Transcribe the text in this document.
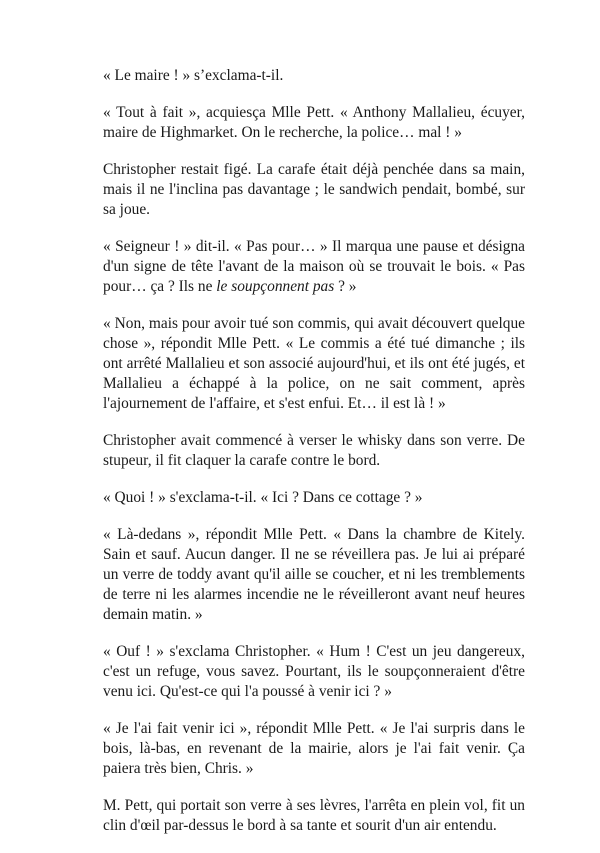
« Le maire ! » s’exclama-t-il.

« Tout à fait », acquiesça Mlle Pett. « Anthony Mallalieu, écuyer, maire de Highmarket. On le recherche, la police… mal ! »

Christopher restait figé. La carafe était déjà penchée dans sa main, mais il ne l'inclina pas davantage ; le sandwich pendait, bombé, sur sa joue.

« Seigneur ! » dit-il. « Pas pour… » Il marqua une pause et désigna d'un signe de tête l'avant de la maison où se trouvait le bois. « Pas pour… ça ? Ils ne le soupçonnent pas ? »

« Non, mais pour avoir tué son commis, qui avait découvert quelque chose », répondit Mlle Pett. « Le commis a été tué dimanche ; ils ont arrêté Mallalieu et son associé aujourd'hui, et ils ont été jugés, et Mallalieu a échappé à la police, on ne sait comment, après l'ajournement de l'affaire, et s'est enfui. Et… il est là ! »

Christopher avait commencé à verser le whisky dans son verre. De stupeur, il fit claquer la carafe contre le bord.

« Quoi ! » s'exclama-t-il. « Ici ? Dans ce cottage ? »

« Là-dedans », répondit Mlle Pett. « Dans la chambre de Kitely. Sain et sauf. Aucun danger. Il ne se réveillera pas. Je lui ai préparé un verre de toddy avant qu'il aille se coucher, et ni les tremblements de terre ni les alarmes incendie ne le réveilleront avant neuf heures demain matin. »

« Ouf ! » s'exclama Christopher. « Hum ! C'est un jeu dangereux, c'est un refuge, vous savez. Pourtant, ils le soupçonneraient d'être venu ici. Qu'est-ce qui l'a poussé à venir ici ? »

« Je l'ai fait venir ici », répondit Mlle Pett. « Je l'ai surpris dans le bois, là-bas, en revenant de la mairie, alors je l'ai fait venir. Ça paiera très bien, Chris. »

M. Pett, qui portait son verre à ses lèvres, l'arrêta en plein vol, fit un clin d'œil par-dessus le bord à sa tante et sourit d'un air entendu.
